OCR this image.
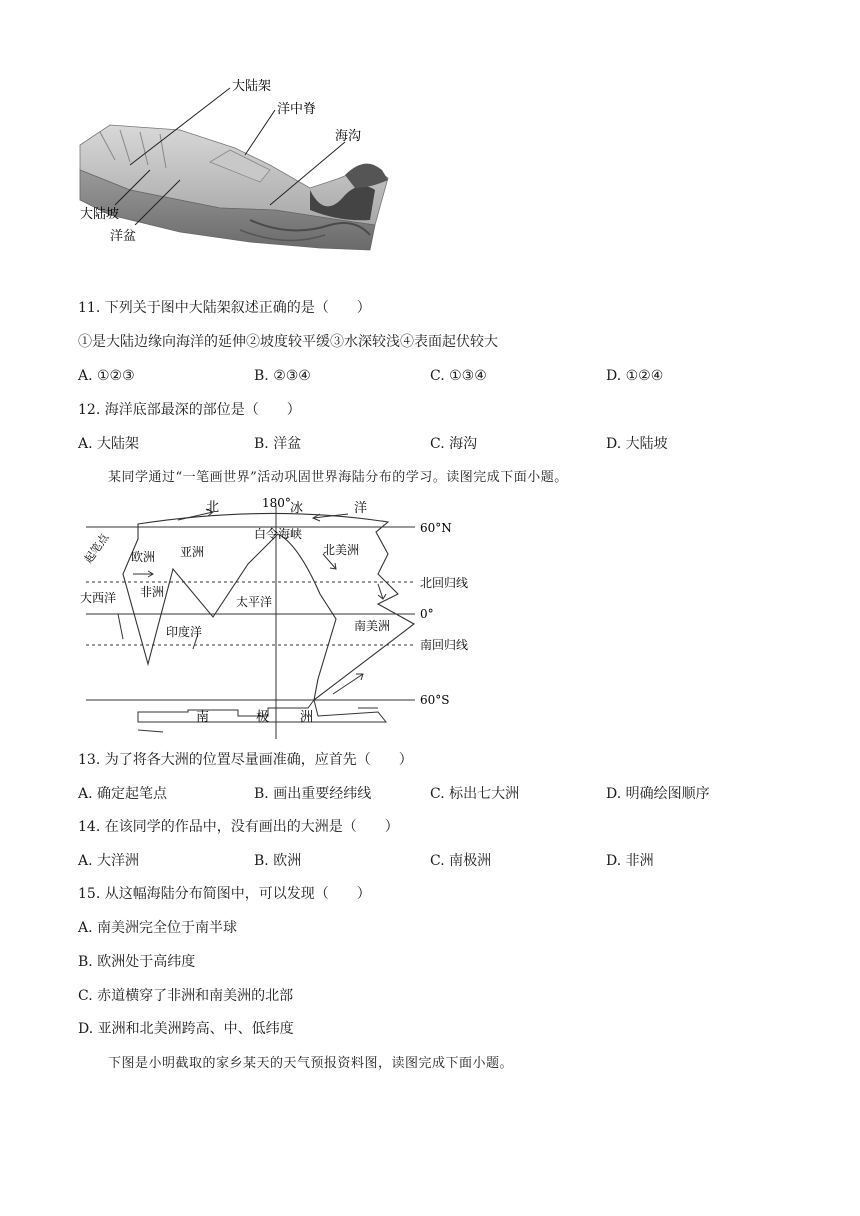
大陆架
洋中脊
海沟
大陆坡
洋盆
11. 下列关于图中大陆架叙述正确的是（　　）
①是大陆边缘向海洋的延伸②坡度较平缓③水深较浅④表面起伏较大
A. ①②③	B. ②③④	C. ①③④	D. ①②④
12. 海洋底部最深的部位是（　　）
A. 大陆架	B. 洋盆	C. 海沟	D. 大陆坡
某同学通过“一笔画世界”活动巩固世界海陆分布的学习。读图完成下面小题。
180°
北	冰	洋
60°N
白令海峡
北美洲
亚洲
欧洲
北回归线
大西洋 非洲
太平洋
0°
印度洋	南美洲
南回归线
起笔点
60°S
南	极 洲
13. 为了将各大洲的位置尽量画准确，应首先（　　）
A. 确定起笔点	B. 画出重要经纬线	C. 标出七大洲	D. 明确绘图顺序
14. 在该同学的作品中，没有画出的大洲是（　　）
A. 大洋洲	B. 欧洲	C. 南极洲	D. 非洲
15. 从这幅海陆分布简图中，可以发现（　　）
A. 南美洲完全位于南半球
B. 欧洲处于高纬度
C. 赤道横穿了非洲和南美洲的北部
D. 亚洲和北美洲跨高、中、低纬度
下图是小明截取的家乡某天的天气预报资料图，读图完成下面小题。
